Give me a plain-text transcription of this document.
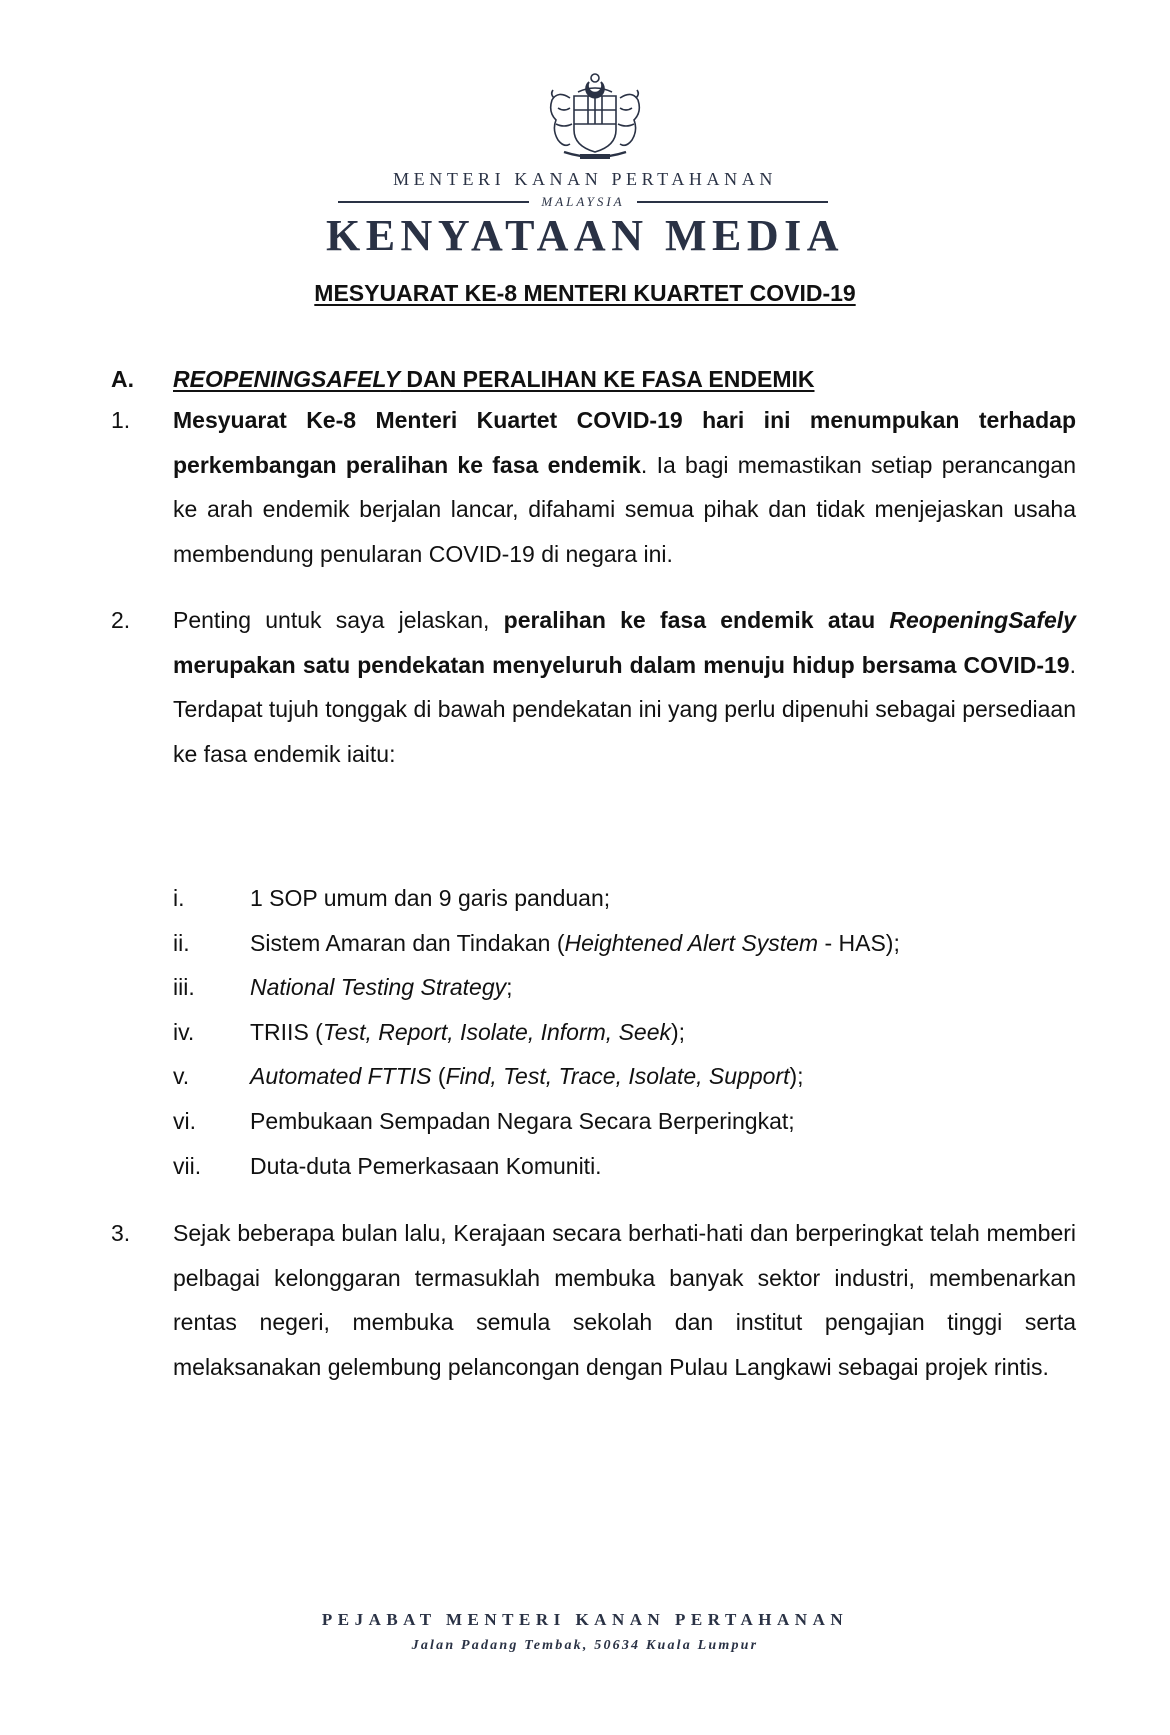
MENTERI KANAN PERTAHANAN
MALAYSIA
KENYATAAN MEDIA
MESYUARAT KE-8 MENTERI KUARTET COVID-19
A. REOPENINGSAFELY DAN PERALIHAN KE FASA ENDEMIK
1. Mesyuarat Ke-8 Menteri Kuartet COVID-19 hari ini menumpukan terhadap perkembangan peralihan ke fasa endemik. Ia bagi memastikan setiap perancangan ke arah endemik berjalan lancar, difahami semua pihak dan tidak menjejaskan usaha membendung penularan COVID-19 di negara ini.
2. Penting untuk saya jelaskan, peralihan ke fasa endemik atau ReopeningSafely merupakan satu pendekatan menyeluruh dalam menuju hidup bersama COVID-19. Terdapat tujuh tonggak di bawah pendekatan ini yang perlu dipenuhi sebagai persediaan ke fasa endemik iaitu:
i.	1 SOP umum dan 9 garis panduan;
ii.	Sistem Amaran dan Tindakan (Heightened Alert System - HAS);
iii. National Testing Strategy;
iv. TRIIS (Test, Report, Isolate, Inform, Seek);
v.	Automated FTTIS (Find, Test, Trace, Isolate, Support);
vi. Pembukaan Sempadan Negara Secara Berperingkat;
vii. Duta-duta Pemerkasaan Komuniti.
3. Sejak beberapa bulan lalu, Kerajaan secara berhati-hati dan berperingkat telah memberi pelbagai kelonggaran termasuklah membuka banyak sektor industri, membenarkan rentas negeri, membuka semula sekolah dan institut pengajian tinggi serta melaksanakan gelembung pelancongan dengan Pulau Langkawi sebagai projek rintis.
PEJABAT MENTERI KANAN PERTAHANAN
Jalan Padang Tembak, 50634 Kuala Lumpur
